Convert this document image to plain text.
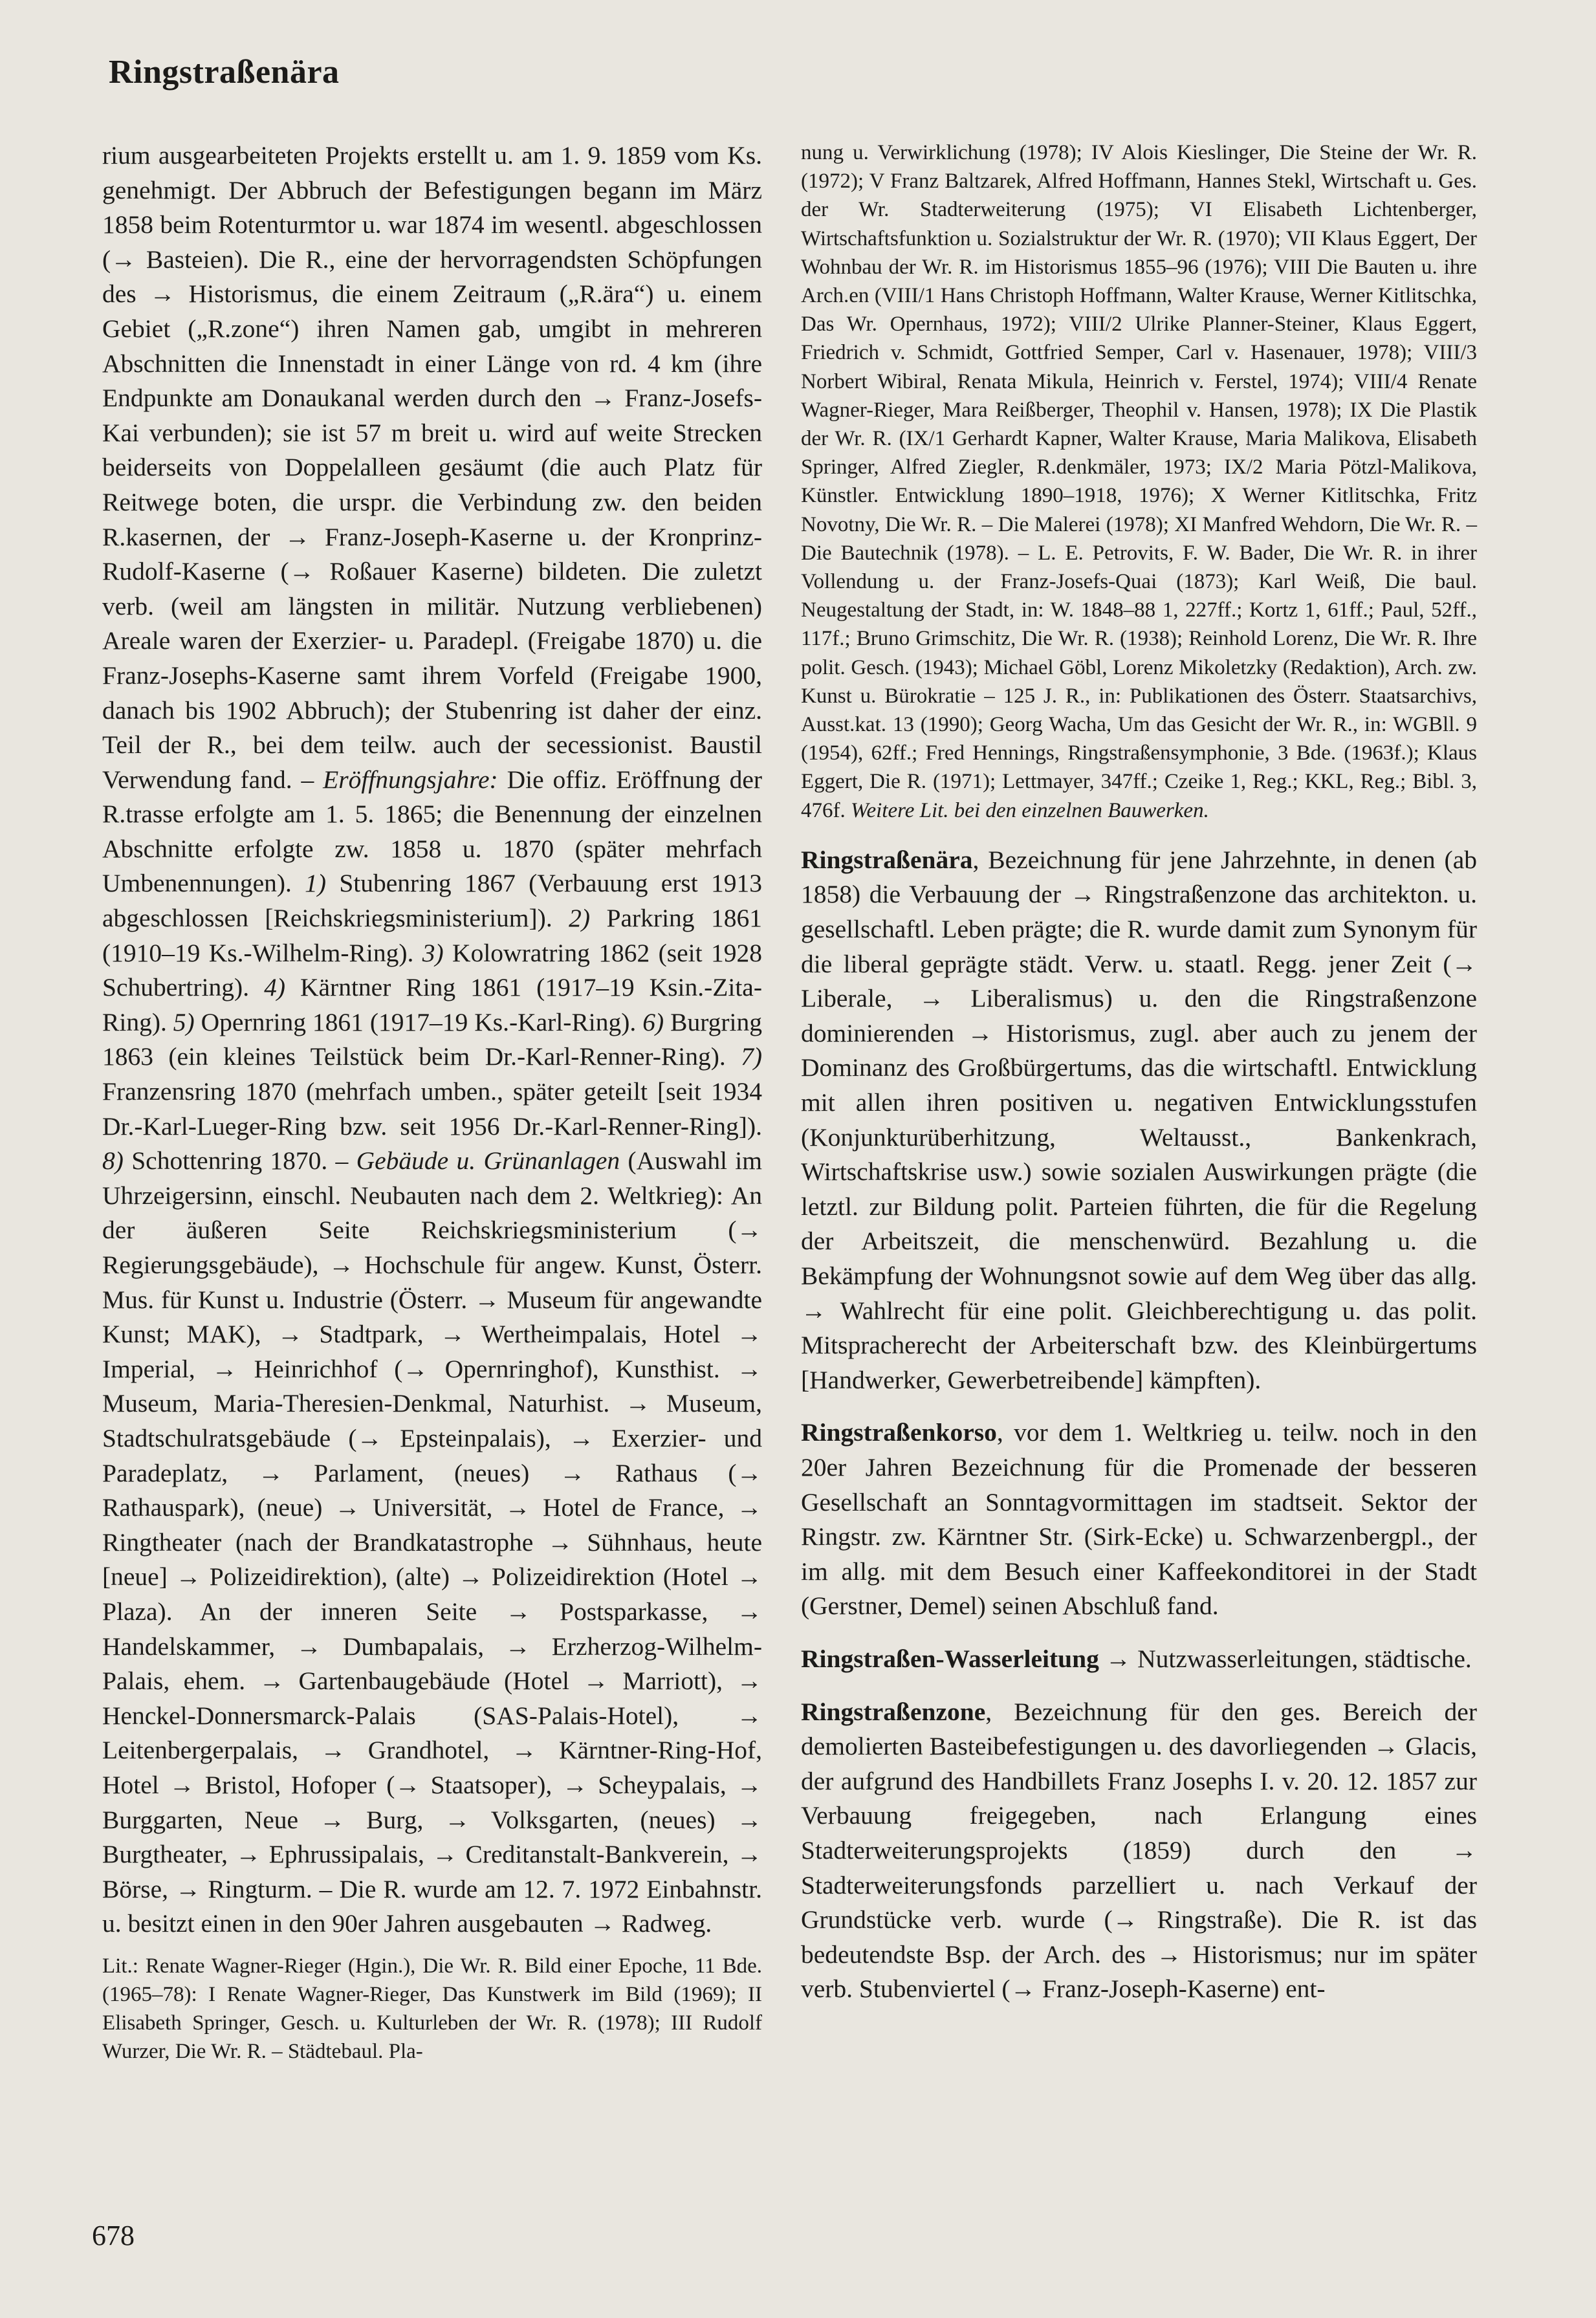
Ringstraßenära

rium ausgearbeiteten Projekts erstellt u. am 1. 9. 1859 vom Ks. genehmigt. Der Abbruch der Befestigungen begann im März 1858 beim Rotenturmtor u. war 1874 im wesentl. abgeschlossen (→ Basteien). Die R., eine der hervorragendsten Schöpfungen des → Historismus, die einem Zeitraum („R.ära“) u. einem Gebiet („R.zone“) ihren Namen gab, umgibt in mehreren Abschnitten die Innenstadt in einer Länge von rd. 4 km (ihre Endpunkte am Donaukanal werden durch den → Franz-Josefs-Kai verbunden); sie ist 57 m breit u. wird auf weite Strecken beiderseits von Doppelalleen gesäumt (die auch Platz für Reitwege boten, die urspr. die Verbindung zw. den beiden R.kasernen, der → Franz-Joseph-Kaserne u. der Kronprinz-Rudolf-Kaserne (→ Roßauer Kaserne) bildeten. Die zuletzt verb. (weil am längsten in militär. Nutzung verbliebenen) Areale waren der Exerzier- u. Paradepl. (Freigabe 1870) u. die Franz-Josephs-Kaserne samt ihrem Vorfeld (Freigabe 1900, danach bis 1902 Abbruch); der Stubenring ist daher der einz. Teil der R., bei dem teilw. auch der secessionist. Baustil Verwendung fand. – Eröffnungsjahre: Die offiz. Eröffnung der R.trasse erfolgte am 1. 5. 1865; die Benennung der einzelnen Abschnitte erfolgte zw. 1858 u. 1870 (später mehrfach Umbenennungen). 1) Stubenring 1867 (Verbauung erst 1913 abgeschlossen [Reichskriegsministerium]). 2) Parkring 1861 (1910–19 Ks.-Wilhelm-Ring). 3) Kolowratring 1862 (seit 1928 Schubertring). 4) Kärntner Ring 1861 (1917–19 Ksin.-Zita-Ring). 5) Opernring 1861 (1917–19 Ks.-Karl-Ring). 6) Burgring 1863 (ein kleines Teilstück beim Dr.-Karl-Renner-Ring). 7) Franzensring 1870 (mehrfach umben., später geteilt [seit 1934 Dr.-Karl-Lueger-Ring bzw. seit 1956 Dr.-Karl-Renner-Ring]). 8) Schottenring 1870. – Gebäude u. Grünanlagen (Auswahl im Uhrzeigersinn, einschl. Neubauten nach dem 2. Weltkrieg): An der äußeren Seite Reichskriegsministerium (→ Regierungsgebäude), → Hochschule für angew. Kunst, Österr. Mus. für Kunst u. Industrie (Österr. → Museum für angewandte Kunst; MAK), → Stadtpark, → Wertheimpalais, Hotel → Imperial, → Heinrichhof (→ Opernringhof), Kunsthist. → Museum, Maria-Theresien-Denkmal, Naturhist. → Museum, Stadtschulratsgebäude (→ Epsteinpalais), → Exerzier- und Paradeplatz, → Parlament, (neues) → Rathaus (→ Rathauspark), (neue) → Universität, → Hotel de France, → Ringtheater (nach der Brandkatastrophe → Sühnhaus, heute [neue] → Polizeidirektion), (alte) → Polizeidirektion (Hotel → Plaza). An der inneren Seite → Postsparkasse, → Handelskammer, → Dumbapalais, → Erzherzog-Wilhelm-Palais, ehem. → Gartenbaugebäude (Hotel → Marriott), → Henckel-Donnersmarck-Palais (SAS-Palais-Hotel), → Leitenbergerpalais, → Grandhotel, → Kärntner-Ring-Hof, Hotel → Bristol, Hofoper (→ Staatsoper), → Scheypalais, → Burggarten, Neue → Burg, → Volksgarten, (neues) → Burgtheater, → Ephrussipalais, → Creditanstalt-Bankverein, → Börse, → Ringturm. – Die R. wurde am 12. 7. 1972 Einbahnstr. u. besitzt einen in den 90er Jahren ausgebauten → Radweg.

Lit.: Renate Wagner-Rieger (Hgin.), Die Wr. R. Bild einer Epoche, 11 Bde. (1965–78): I Renate Wagner-Rieger, Das Kunstwerk im Bild (1969); II Elisabeth Springer, Gesch. u. Kulturleben der Wr. R. (1978); III Rudolf Wurzer, Die Wr. R. – Städtebaul. Pla-

nung u. Verwirklichung (1978); IV Alois Kieslinger, Die Steine der Wr. R. (1972); V Franz Baltzarek, Alfred Hoffmann, Hannes Stekl, Wirtschaft u. Ges. der Wr. Stadterweiterung (1975); VI Elisabeth Lichtenberger, Wirtschaftsfunktion u. Sozialstruktur der Wr. R. (1970); VII Klaus Eggert, Der Wohnbau der Wr. R. im Historismus 1855–96 (1976); VIII Die Bauten u. ihre Arch.en (VIII/1 Hans Christoph Hoffmann, Walter Krause, Werner Kitlitschka, Das Wr. Opernhaus, 1972); VIII/2 Ulrike Planner-Steiner, Klaus Eggert, Friedrich v. Schmidt, Gottfried Semper, Carl v. Hasenauer, 1978); VIII/3 Norbert Wibiral, Renata Mikula, Heinrich v. Ferstel, 1974); VIII/4 Renate Wagner-Rieger, Mara Reißberger, Theophil v. Hansen, 1978); IX Die Plastik der Wr. R. (IX/1 Gerhardt Kapner, Walter Krause, Maria Malikova, Elisabeth Springer, Alfred Ziegler, R.denkmäler, 1973; IX/2 Maria Pötzl-Malikova, Künstler. Entwicklung 1890–1918, 1976); X Werner Kitlitschka, Fritz Novotny, Die Wr. R. – Die Malerei (1978); XI Manfred Wehdorn, Die Wr. R. – Die Bautechnik (1978). – L. E. Petrovits, F. W. Bader, Die Wr. R. in ihrer Vollendung u. der Franz-Josefs-Quai (1873); Karl Weiß, Die baul. Neugestaltung der Stadt, in: W. 1848–88 1, 227ff.; Kortz 1, 61ff.; Paul, 52ff., 117f.; Bruno Grimschitz, Die Wr. R. (1938); Reinhold Lorenz, Die Wr. R. Ihre polit. Gesch. (1943); Michael Göbl, Lorenz Mikoletzky (Redaktion), Arch. zw. Kunst u. Bürokratie – 125 J. R., in: Publikationen des Österr. Staatsarchivs, Ausst.kat. 13 (1990); Georg Wacha, Um das Gesicht der Wr. R., in: WGBll. 9 (1954), 62ff.; Fred Hennings, Ringstraßensymphonie, 3 Bde. (1963f.); Klaus Eggert, Die R. (1971); Lettmayer, 347ff.; Czeike 1, Reg.; KKL, Reg.; Bibl. 3, 476f. Weitere Lit. bei den einzelnen Bauwerken.

Ringstraßenära, Bezeichnung für jene Jahrzehnte, in denen (ab 1858) die Verbauung der → Ringstraßenzone das architekton. u. gesellschaftl. Leben prägte; die R. wurde damit zum Synonym für die liberal geprägte städt. Verw. u. staatl. Regg. jener Zeit (→ Liberale, → Liberalismus) u. den die Ringstraßenzone dominierenden → Historismus, zugl. aber auch zu jenem der Dominanz des Großbürgertums, das die wirtschaftl. Entwicklung mit allen ihren positiven u. negativen Entwicklungsstufen (Konjunkturüberhitzung, Weltausst., Bankenkrach, Wirtschaftskrise usw.) sowie sozialen Auswirkungen prägte (die letztl. zur Bildung polit. Parteien führten, die für die Regelung der Arbeitszeit, die menschenwürd. Bezahlung u. die Bekämpfung der Wohnungsnot sowie auf dem Weg über das allg. → Wahlrecht für eine polit. Gleichberechtigung u. das polit. Mitspracherecht der Arbeiterschaft bzw. des Kleinbürgertums [Handwerker, Gewerbetreibende] kämpften).

Ringstraßenkorso, vor dem 1. Weltkrieg u. teilw. noch in den 20er Jahren Bezeichnung für die Promenade der besseren Gesellschaft an Sonntagvormittagen im stadtseit. Sektor der Ringstr. zw. Kärntner Str. (Sirk-Ecke) u. Schwarzenbergpl., der im allg. mit dem Besuch einer Kaffeekonditorei in der Stadt (Gerstner, Demel) seinen Abschluß fand.

Ringstraßen-Wasserleitung → Nutzwasserleitungen, städtische.

Ringstraßenzone, Bezeichnung für den ges. Bereich der demolierten Basteibefestigungen u. des davorliegenden → Glacis, der aufgrund des Handbillets Franz Josephs I. v. 20. 12. 1857 zur Verbauung freigegeben, nach Erlangung eines Stadterweiterungsprojekts (1859) durch den → Stadterweiterungsfonds parzelliert u. nach Verkauf der Grundstücke verb. wurde (→ Ringstraße). Die R. ist das bedeutendste Bsp. der Arch. des → Historismus; nur im später verb. Stubenviertel (→ Franz-Joseph-Kaserne) ent-

678
